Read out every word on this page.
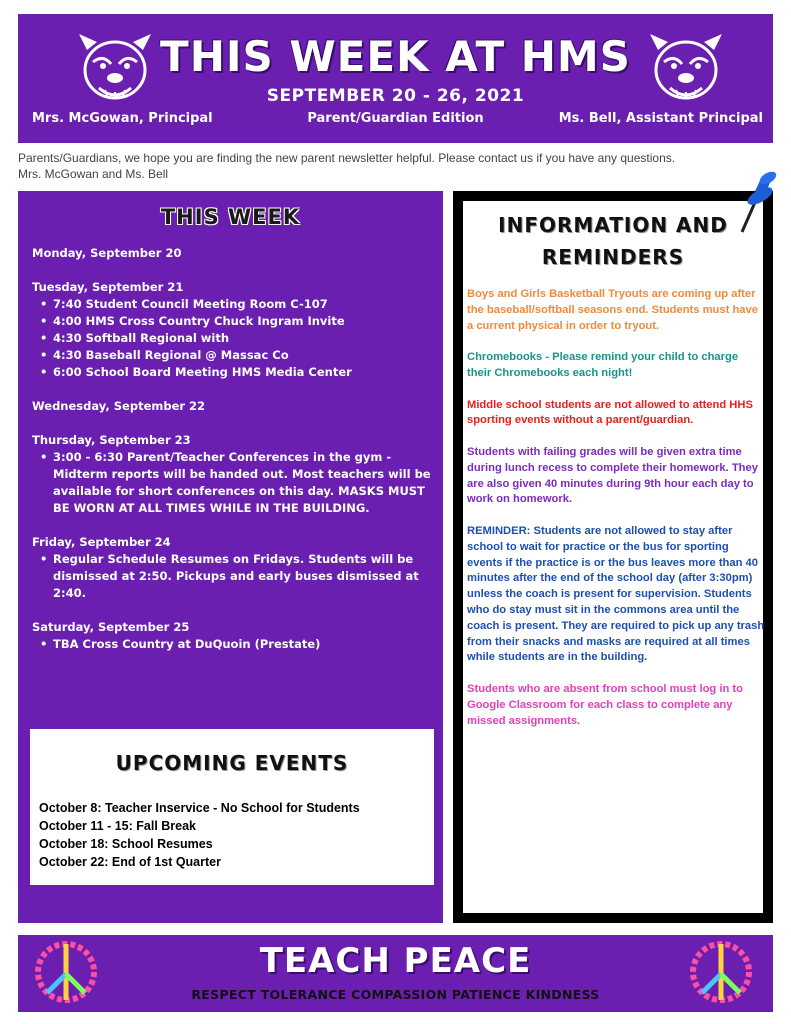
THIS WEEK AT HMS
SEPTEMBER 20 - 26, 2021
Parent/Guardian Edition
Mrs. McGowan, Principal	Ms. Bell, Assistant Principal
Parents/Guardians, we hope you are finding the new parent newsletter helpful. Please contact us if you have any questions.
Mrs. McGowan and Ms. Bell
THIS WEEK
Monday, September 20
Tuesday, September 21
• 7:40 Student Council Meeting Room C-107
• 4:00 HMS Cross Country Chuck Ingram Invite
• 4:30 Softball Regional with
• 4:30 Baseball Regional @ Massac Co
• 6:00 School Board Meeting HMS Media Center
Wednesday, September 22
Thursday, September 23
• 3:00 - 6:30 Parent/Teacher Conferences in the gym - Midterm reports will be handed out. Most teachers will be available for short conferences on this day. MASKS MUST BE WORN AT ALL TIMES WHILE IN THE BUILDING.
Friday, September 24
• Regular Schedule Resumes on Fridays. Students will be dismissed at 2:50. Pickups and early buses dismissed at 2:40.
Saturday, September 25
• TBA Cross Country at DuQuoin (Prestate)
UPCOMING EVENTS
October 8: Teacher Inservice - No School for Students
October 11 - 15: Fall Break
October 18: School Resumes
October 22: End of 1st Quarter
INFORMATION AND
REMINDERS

Boys and Girls Basketball Tryouts are coming up after the baseball/softball seasons end. Students must have a current physical in order to tryout.

Chromebooks - Please remind your child to charge their Chromebooks each night!

Middle school students are not allowed to attend HHS sporting events without a parent/guardian.

Students with failing grades will be given extra time during lunch recess to complete their homework. They are also given 40 minutes during 9th hour each day to work on homework.

REMINDER: Students are not allowed to stay after school to wait for practice or the bus for sporting events if the practice is or the bus leaves more than 40 minutes after the end of the school day (after 3:30pm) unless the coach is present for supervision. Students who do stay must sit in the commons area until the coach is present. They are required to pick up any trash from their snacks and masks are required at all times while students are in the building.

Students who are absent from school must log in to Google Classroom for each class to complete any missed assignments.

TEACH PEACE
RESPECT TOLERANCE COMPASSION PATIENCE KINDNESS
